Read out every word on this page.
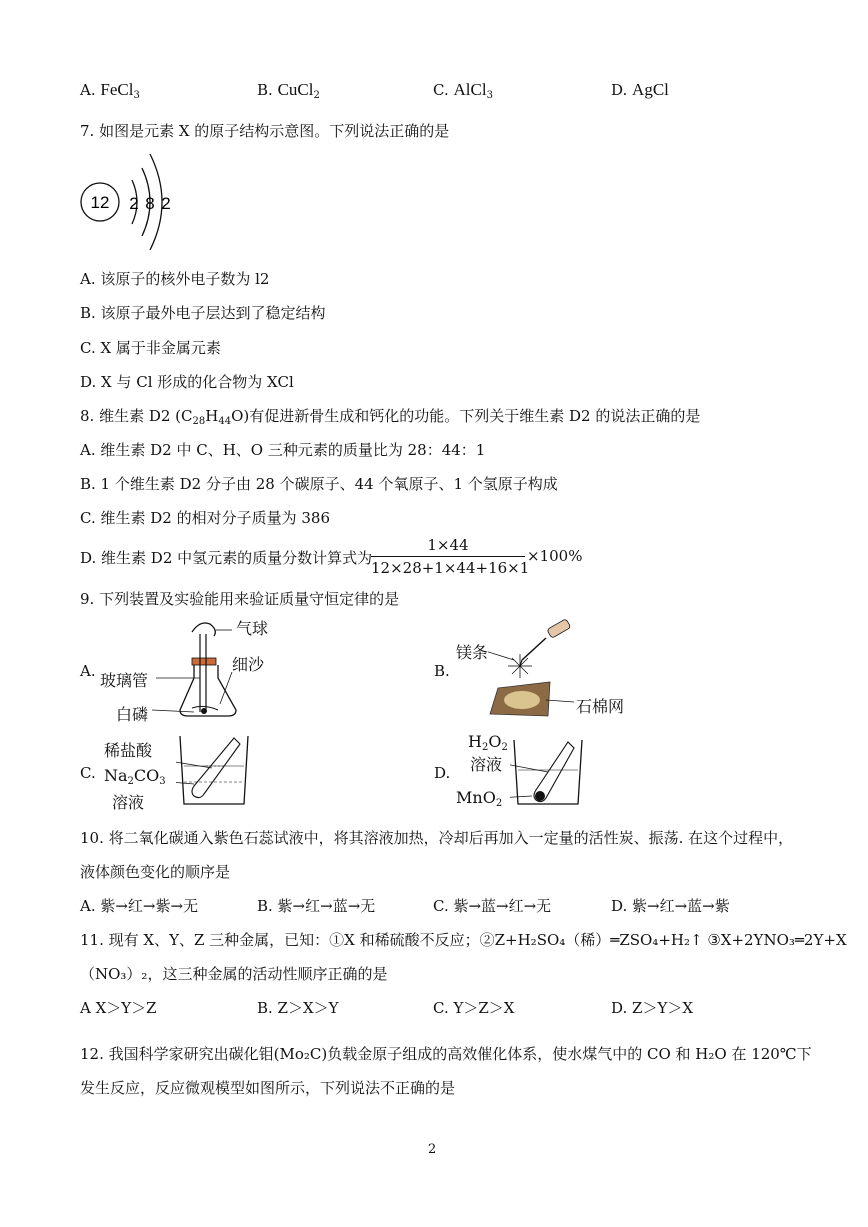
A. FeCl$_3$	B. CuCl$_2$	C. AlCl$_3$	D. AgCl
7. 如图是元素 X 的原子结构示意图。下列说法正确的是
12 2 8 2
A. 该原子的核外电子数为 l2
B. 该原子最外电子层达到了稳定结构
C. X 属于非金属元素
D. X 与 Cl 形成的化合物为 XCl
8. 维生素 D2 $(C_{28}H_{44}O)$有促进新骨生成和钙化的功能。下列关于维生素 D2 的说法正确的是
A. 维生素 D2 中 C、H、O 三种元素的质量比为 28：44：1
B. 1 个维生素 D2 分子由 28 个碳原子、44 个氧原子、1 个氢原子构成
C. 维生素 D2 的相对分子质量为 386
D. 维生素 D2 中氢元素的质量分数计算式为
1×44
12×28+1×44+16×1
×100%
9. 下列装置及实验能用来验证质量守恒定律的是
A.	B.
C.	D.
气球
玻璃管
细沙
白磷
镁条
石棉网
稀盐酸
$Na_2CO_3$
溶液
$H_2O_2$
溶液
MnO$_2$
10. 将二氧化碳通入紫色石蕊试液中，将其溶液加热，冷却后再加入一定量的活性炭、振荡. 在这个过程中，
液体颜色变化的顺序是
A. 紫→红→紫→无	B. 紫→红→蓝→无	C. 紫→蓝→红→无	D. 紫→红→蓝→紫
11. 现有 X、Y、Z 三种金属，已知：①X 和稀硫酸不反应；②Z+H₂SO₄（稀）═ZSO₄+H₂↑ ③X+2YNO₃═2Y+X
（NO₃）₂，这三种金属的活动性顺序正确的是
A X＞Y＞Z	B. Z＞X＞Y	C. Y＞Z＞X	D. Z＞Y＞X
12. 我国科学家研究出碳化钼(Mo₂C)负载金原子组成的高效催化体系，使水煤气中的 CO 和 H₂O 在 120℃下
发生反应，反应微观模型如图所示，下列说法不正确的是
2
